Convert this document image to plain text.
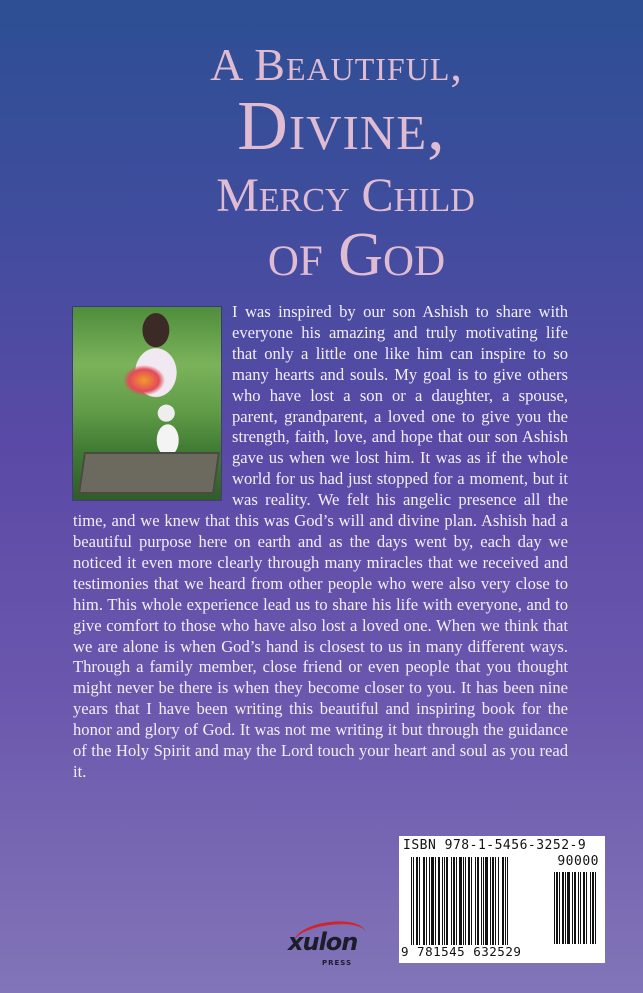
A Beautiful,
Divine,
Mercy Child
of God

I was inspired by our son Ashish to share with everyone his amazing and truly motivating life that only a little one like him can inspire to so many hearts and souls. My goal is to give others who have lost a son or a daughter, a spouse, parent, grandparent, a loved one to give you the strength, faith, love, and hope that our son Ashish gave us when we lost him. It was as if the whole world for us had just stopped for a moment, but it was reality. We felt his angelic presence all the time, and we knew that this was God’s will and divine plan. Ashish had a beautiful purpose here on earth and as the days went by, each day we noticed it even more clearly through many miracles that we received and testimonies that we heard from other people who were also very close to him. This whole experience lead us to share his life with everyone, and to give comfort to those who have also lost a loved one. When we think that we are alone is when God’s hand is closest to us in many different ways. Through a family member, close friend or even people that you thought might never be there is when they become closer to you. It has been nine years that I have been writing this beautiful and inspiring book for the honor and glory of God. It was not me writing it but through the guidance of the Holy Spirit and may the Lord touch your heart and soul as you read it.

xulon
PRESS
ISBN 978-1-5456-3252-9
90000
9 781545 632529
